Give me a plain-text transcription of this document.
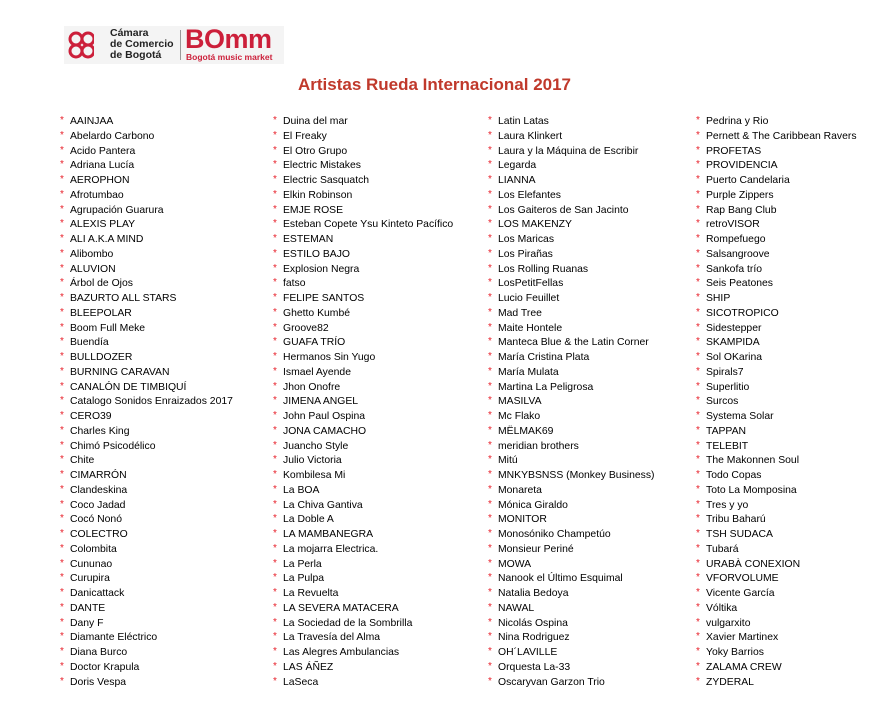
Cámara
de Comercio
de Bogotá
BOmm
Bogotá music market
Artistas Rueda Internacional 2017
* AAINJAA
* Abelardo Carbono
* Acido Pantera
* Adriana Lucía
* AEROPHON
* Afrotumbao
* Agrupación Guarura
* ALEXIS PLAY
* ALI A.K.A MIND
* Alibombo
* ALUVION
* Árbol de Ojos
* BAZURTO ALL STARS
* BLEEPOLAR
* Boom Full Meke
* Buendía
* BULLDOZER
* BURNING CARAVAN
* CANALÓN DE TIMBIQUÍ
* Catalogo Sonidos Enraizados 2017
* CERO39
* Charles King
* Chimó Psicodélico
* Chite
* CIMARRÓN
* Clandeskina
* Coco Jadad
* Cocó Nonó
* COLECTRO
* Colombita
* Cununao
* Curupira
* Danicattack
* DANTE
* Dany F
* Diamante Eléctrico
* Diana Burco
* Doctor Krapula
* Doris Vespa
* Duina del mar
* El Freaky
* El Otro Grupo
* Electric Mistakes
* Electric Sasquatch
* Elkin Robinson
* EMJE ROSE
* Esteban Copete Ysu Kinteto Pacífico
* ESTEMAN
* ESTILO BAJO
* Explosion Negra
* fatso
* FELIPE SANTOS
* Ghetto Kumbé
* Groove82
* GUAFA TRÍO
* Hermanos Sin Yugo
* Ismael Ayende
* Jhon Onofre
* JIMENA ANGEL
* John Paul Ospina
* JONA CAMACHO
* Juancho Style
* Julio Victoria
* Kombilesa Mi
* La BOA
* La Chiva Gantiva
* La Doble A
* LA MAMBANEGRA
* La mojarra Electrica.
* La Perla
* La Pulpa
* La Revuelta
* LA SEVERA MATACERA
* La Sociedad de la Sombrilla
* La Travesía del Alma
* Las Alegres Ambulancias
* LAS ÁÑEZ
* LaSeca
* Latin Latas
* Laura Klinkert
* Laura y la Máquina de Escribir
* Legarda
* LIANNA
* Los Elefantes
* Los Gaiteros de San Jacinto
* LOS MAKENZY
* Los Maricas
* Los Pirañas
* Los Rolling Ruanas
* LosPetitFellas
* Lucio Feuillet
* Mad Tree
* Maite Hontele
* Manteca Blue & the Latin Corner
* María Cristina Plata
* María Mulata
* Martina La Peligrosa
* MASILVA
* Mc Flako
* MËLMAK69
* meridian brothers
* Mitú
* MNKYBSNSS (Monkey Business)
* Monareta
* Mónica Giraldo
* MONITOR
* Monosóniko Champetúo
* Monsieur Periné
* MOWA
* Nanook el Último Esquimal
* Natalia Bedoya
* NAWAL
* Nicolás Ospina
* Nina Rodriguez
* OH´LAVILLE
* Orquesta La-33
* Oscaryvan Garzon Trio
* Pedrina y Rio
* Pernett & The Caribbean Ravers
* PROFETAS
* PROVIDENCIA
* Puerto Candelaria
* Purple Zippers
* Rap Bang Club
* retroVISOR
* Rompefuego
* Salsangroove
* Sankofa trío
* Seis Peatones
* SHIP
* SICOTROPICO
* Sidestepper
* SKAMPIDA
* Sol OKarina
* Spirals7
* Superlitio
* Surcos
* Systema Solar
* TAPPAN
* TELEBIT
* The Makonnen Soul
* Todo Copas
* Toto La Momposina
* Tres y yo
* Tribu Baharú
* TSH SUDACA
* Tubará
* URABÀ CONEXION
* VFORVOLUME
* Vicente García
* Vóltika
* vulgarxito
* Xavier Martinex
* Yoky Barrios
* ZALAMA CREW
* ZYDERAL
